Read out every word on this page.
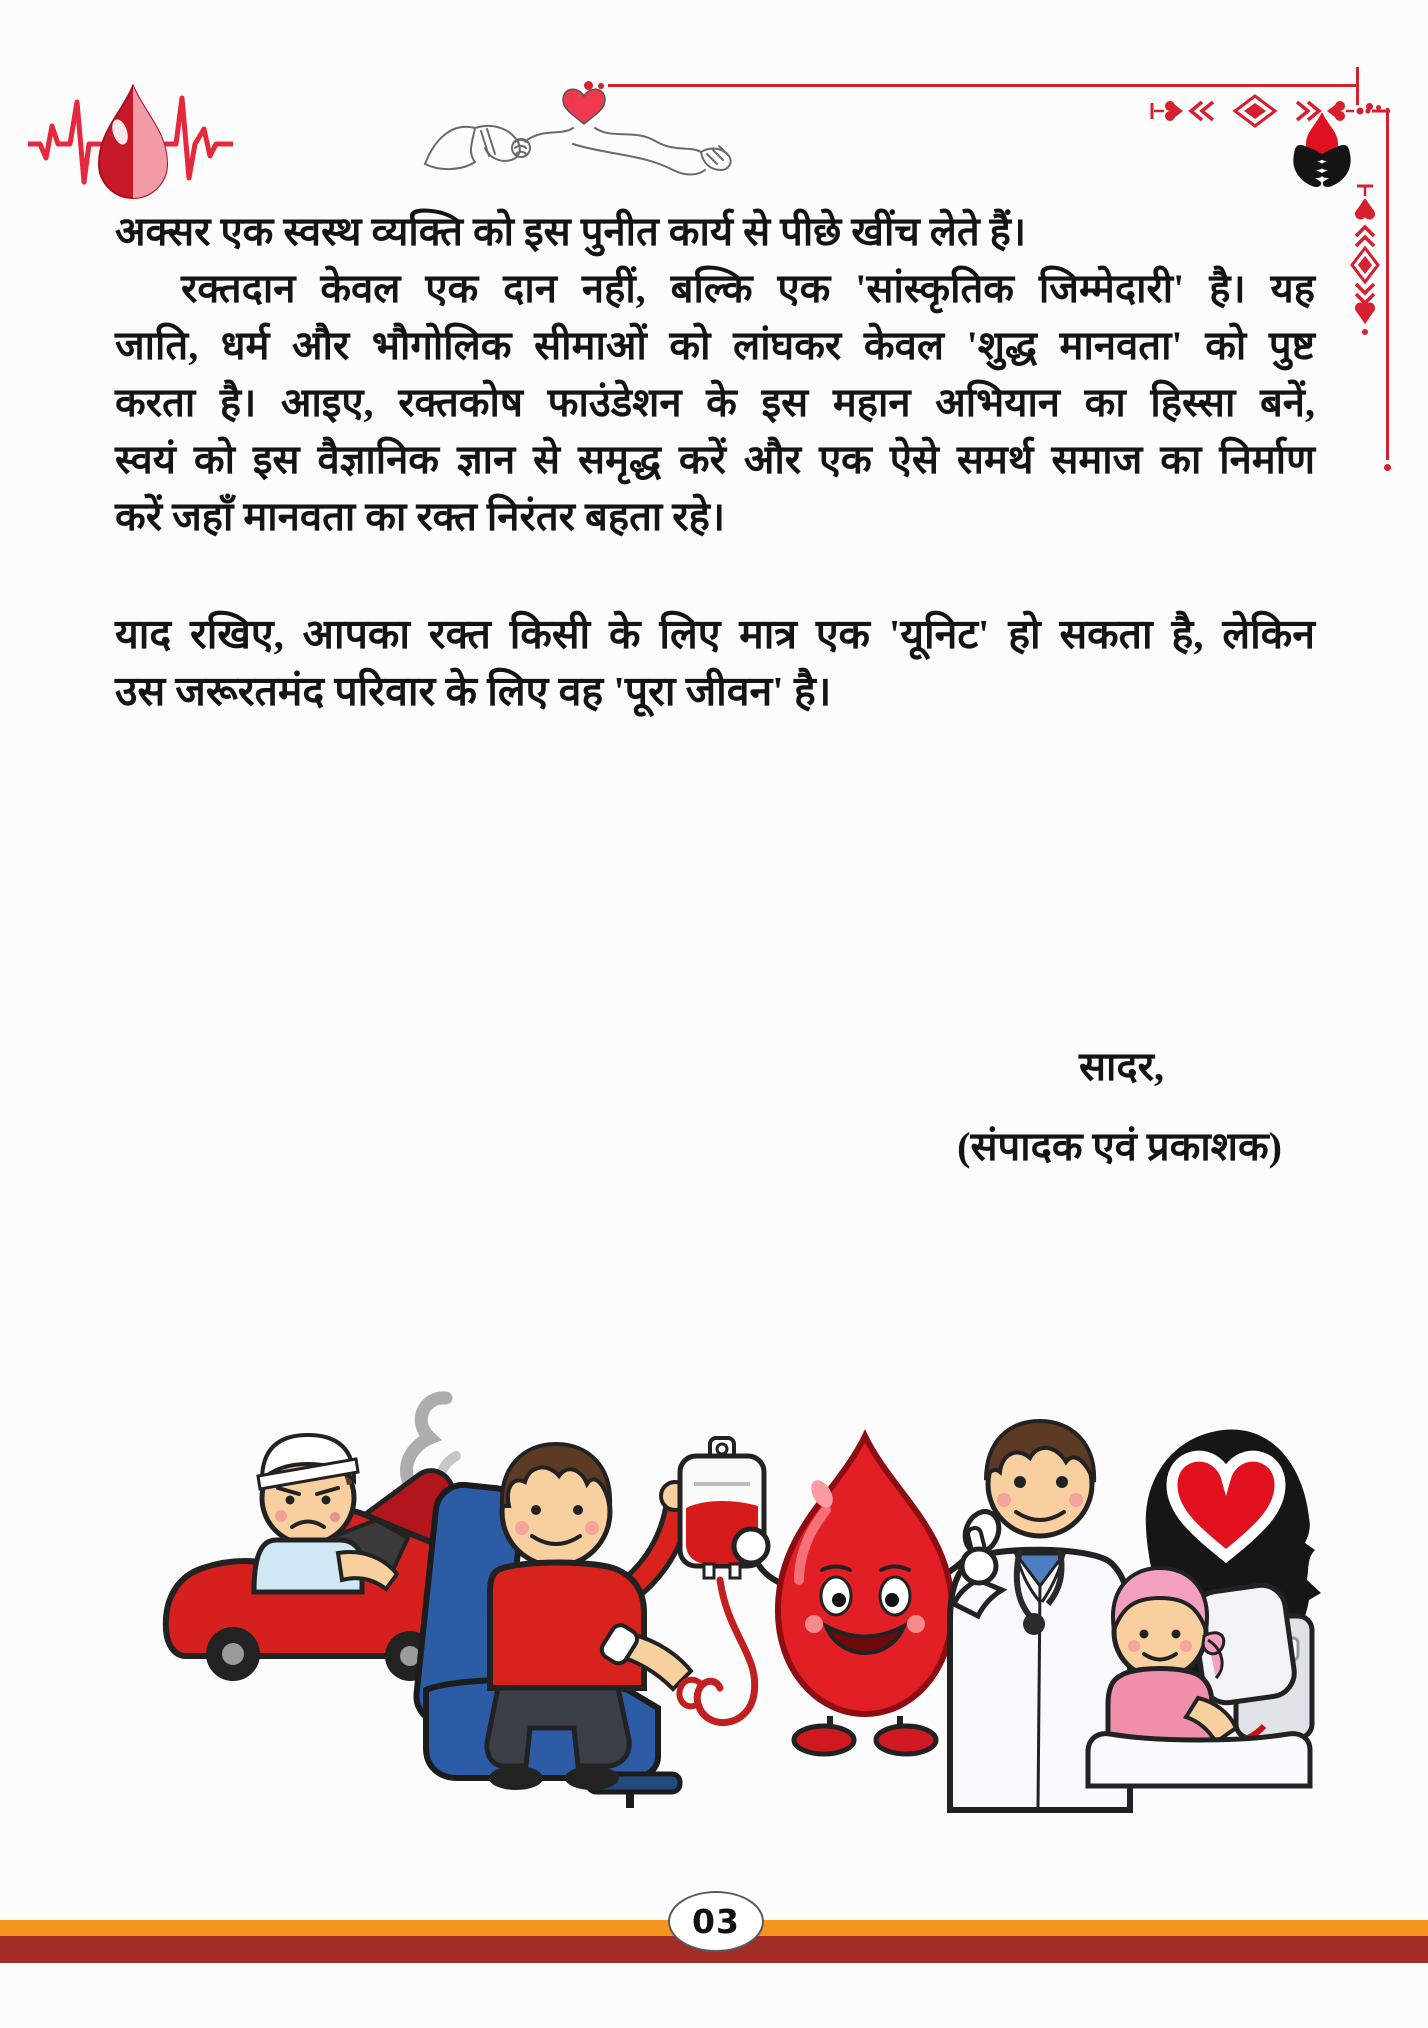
अक्सर एक स्वस्थ व्यक्ति को इस पुनीत कार्य से पीछे खींच लेते हैं।
रक्तदान केवल एक दान नहीं, बल्कि एक 'सांस्कृतिक जिम्मेदारी' है। यह
जाति, धर्म और भौगोलिक सीमाओं को लांघकर केवल 'शुद्ध मानवता' को पुष्ट
करता है। आइए, रक्तकोष फाउंडेशन के इस महान अभियान का हिस्सा बनें,
स्वयं को इस वैज्ञानिक ज्ञान से समृद्ध करें और एक ऐसे समर्थ समाज का निर्माण
करें जहाँ मानवता का रक्त निरंतर बहता रहे।
याद रखिए, आपका रक्त किसी के लिए मात्र एक 'यूनिट' हो सकता है, लेकिन
उस जरूरतमंद परिवार के लिए वह 'पूरा जीवन' है।
सादर,
(संपादक एवं प्रकाशक)
03
